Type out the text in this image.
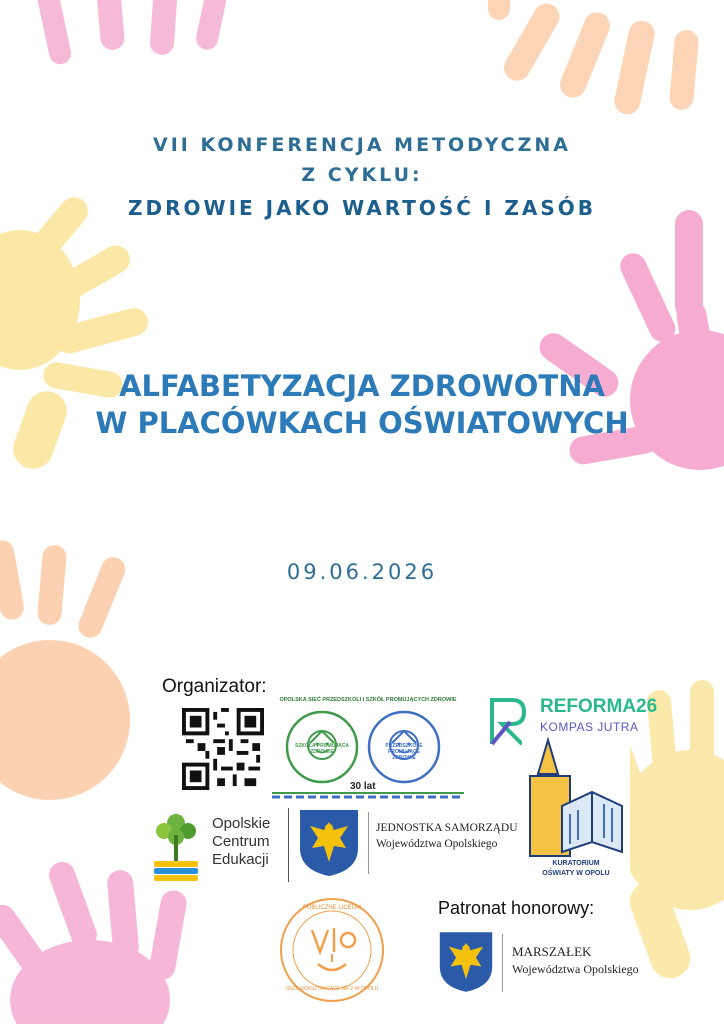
VII KONFERENCJA METODYCZNA
Z CYKLU:
ZDROWIE JAKO WARTOŚĆ I ZASÓB
ALFABETYZACJA ZDROWOTNA
W PLACÓWKACH OŚWIATOWYCH
09.06.2026
Organizator:
OPOLSKA SIEĆ PRZEDSZKOLI I SZKÓŁ PROMUJĄCYCH ZDROWIE
SZKOŁA PROMUJĄCA ZDROWIE
PRZEDSZKOLE PROMUJĄCE ZDROWIE
30 lat
REFORMA26
KOMPAS JUTRA
KURATORIUM
OŚWIATY W OPOLU
Opolskie
Centrum
Edukacji
JEDNOSTKA SAMORZĄDU
Województwa Opolskiego
PUBLICZNE LICEUM
OGÓLNOKSZTAŁCĄCE NR V W OPOLU
Patronat honorowy:
MARSZAŁEK
Województwa Opolskiego
